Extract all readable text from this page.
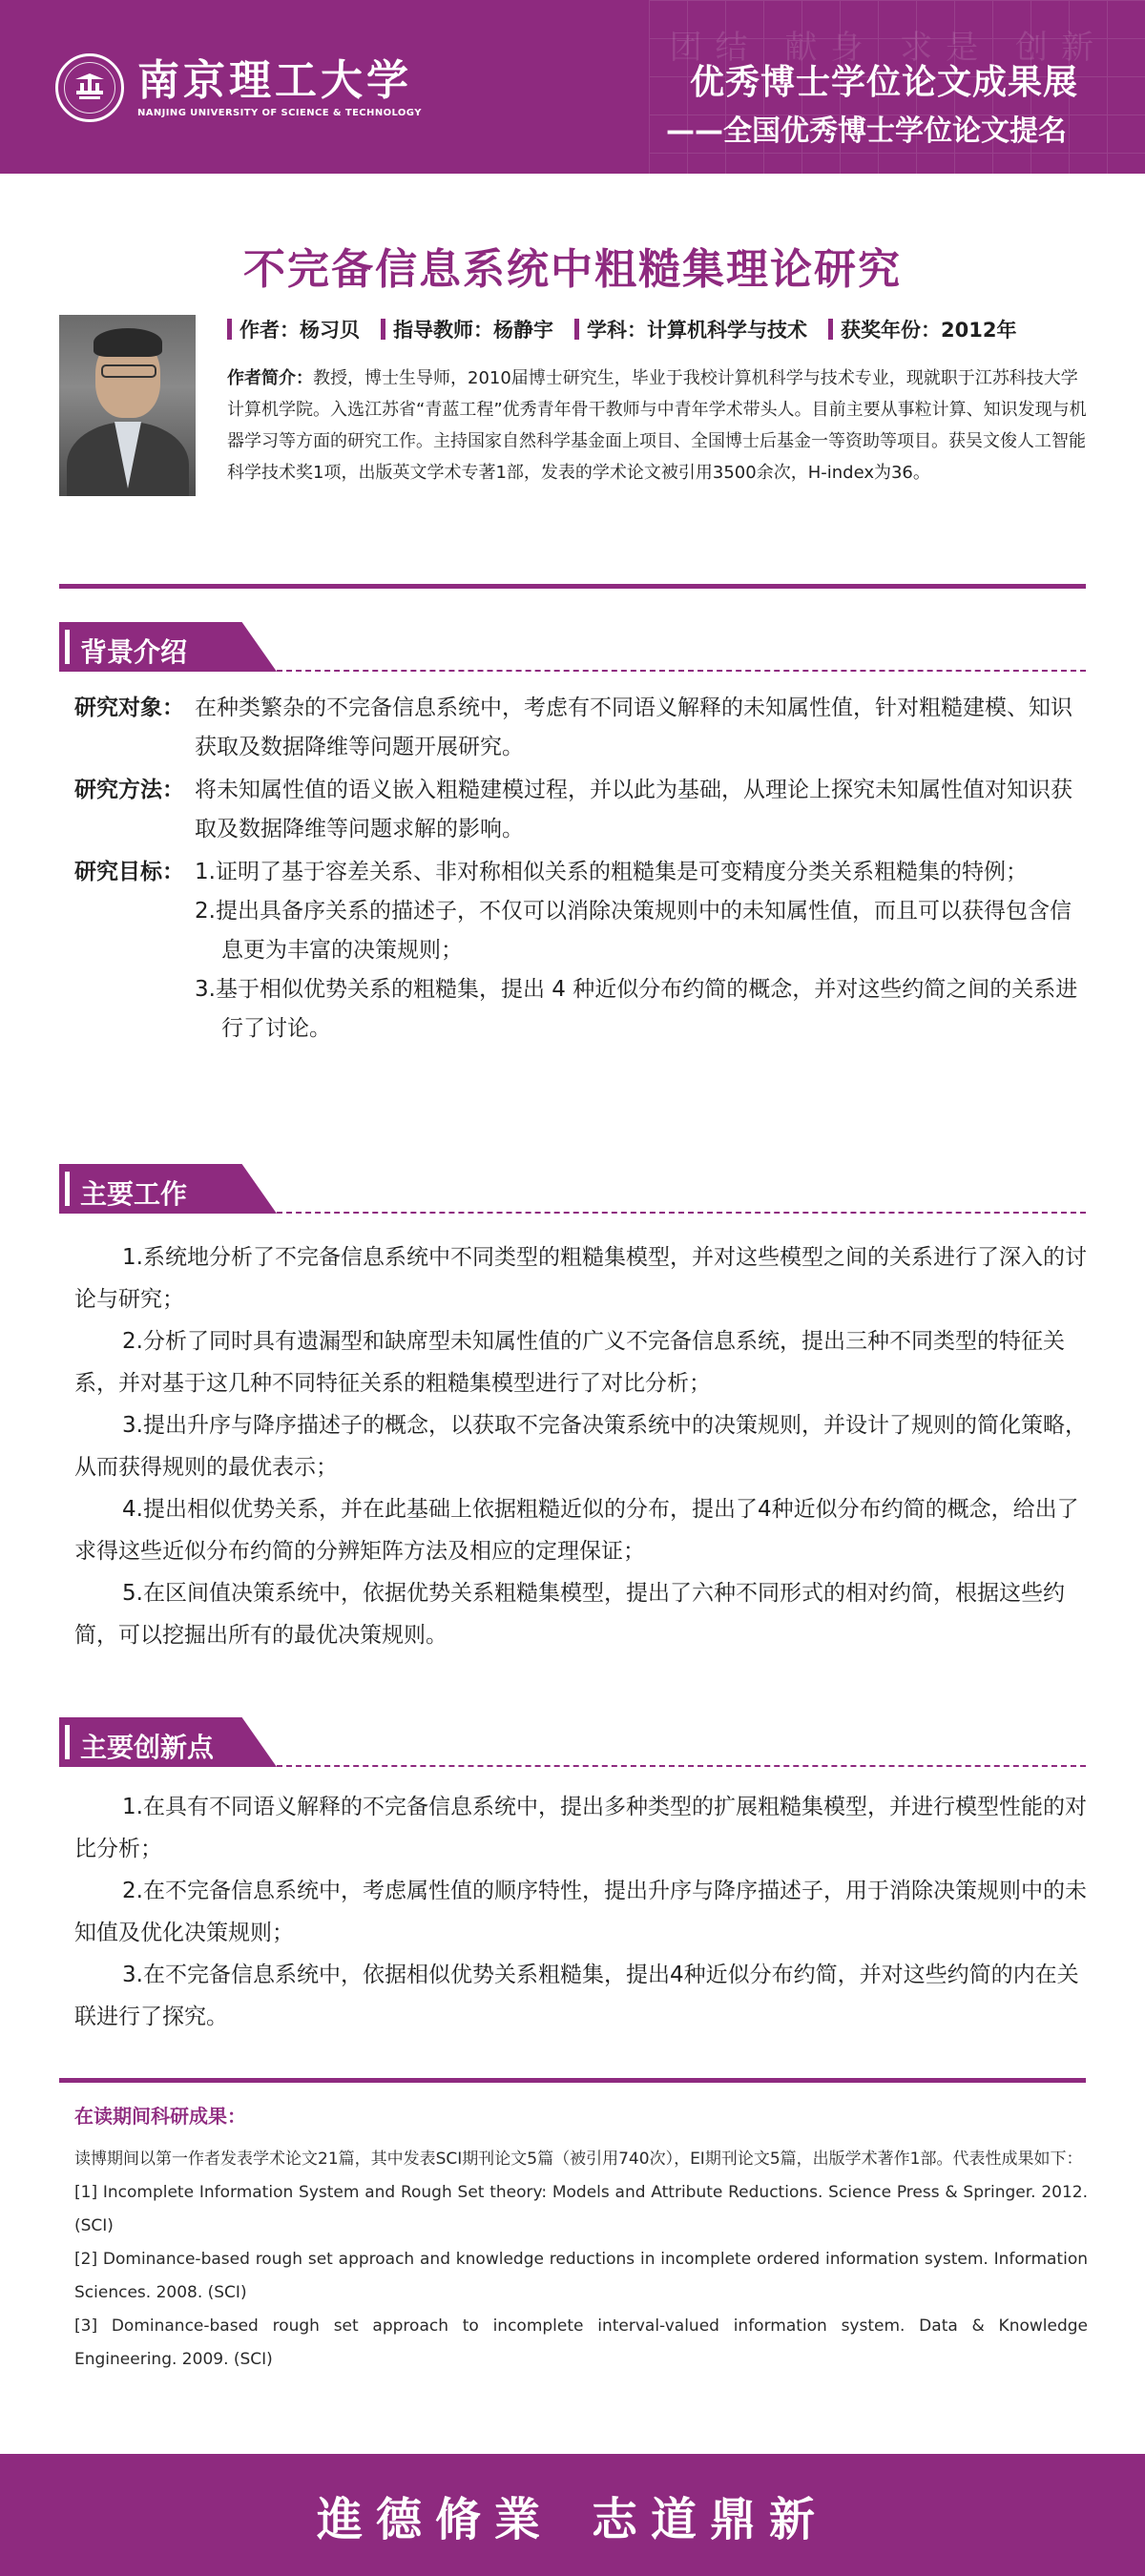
团结 献身 求是 创新
南京理工大学
NANJING UNIVERSITY OF SCIENCE & TECHNOLOGY
优秀博士学位论文成果展
——全国优秀博士学位论文提名
不完备信息系统中粗糙集理论研究
作者： 杨习贝 指导教师： 杨静宇 学科： 计算机科学与技术 获奖年份： 2012年
作者简介：教授，博士生导师，2010届博士研究生，毕业于我校计算机科学与技术专业，现就职于江苏科技大学计算机学院。入选江苏省“青蓝工程”优秀青年骨干教师与中青年学术带头人。目前主要从事粒计算、知识发现与机器学习等方面的研究工作。主持国家自然科学基金面上项目、全国博士后基金一等资助等项目。获吴文俊人工智能科学技术奖1项，出版英文学术专著1部，发表的学术论文被引用3500余次，H-index为36。
背景介绍
研究对象： 在种类繁杂的不完备信息系统中，考虑有不同语义解释的未知属性值，针对粗糙建模、知识获取及数据降维等问题开展研究。
研究方法： 将未知属性值的语义嵌入粗糙建模过程，并以此为基础，从理论上探究未知属性值对知识获取及数据降维等问题求解的影响。
研究目标： 1.证明了基于容差关系、非对称相似关系的粗糙集是可变精度分类关系粗糙集的特例；
2.提出具备序关系的描述子，不仅可以消除决策规则中的未知属性值，而且可以获得包含信息更为丰富的决策规则；
3.基于相似优势关系的粗糙集，提出 4 种近似分布约简的概念，并对这些约简之间的关系进行了讨论。
主要工作
1.系统地分析了不完备信息系统中不同类型的粗糙集模型，并对这些模型之间的关系进行了深入的讨论与研究；
2.分析了同时具有遗漏型和缺席型未知属性值的广义不完备信息系统，提出三种不同类型的特征关系，并对基于这几种不同特征关系的粗糙集模型进行了对比分析；
3.提出升序与降序描述子的概念，以获取不完备决策系统中的决策规则，并设计了规则的简化策略，从而获得规则的最优表示；
4.提出相似优势关系，并在此基础上依据粗糙近似的分布，提出了4种近似分布约简的概念，给出了求得这些近似分布约简的分辨矩阵方法及相应的定理保证；
5.在区间值决策系统中，依据优势关系粗糙集模型，提出了六种不同形式的相对约简，根据这些约简，可以挖掘出所有的最优决策规则。
主要创新点
1.在具有不同语义解释的不完备信息系统中，提出多种类型的扩展粗糙集模型，并进行模型性能的对比分析；
2.在不完备信息系统中，考虑属性值的顺序特性，提出升序与降序描述子，用于消除决策规则中的未知值及优化决策规则；
3.在不完备信息系统中，依据相似优势关系粗糙集，提出4种近似分布约简，并对这些约简的内在关联进行了探究。
在读期间科研成果：
读博期间以第一作者发表学术论文21篇，其中发表SCI期刊论文5篇（被引用740次），EI期刊论文5篇，出版学术著作1部。代表性成果如下：
[1] Incomplete Information System and Rough Set theory: Models and Attribute Reductions. Science Press & Springer. 2012. (SCI)
[2] Dominance-based rough set approach and knowledge reductions in incomplete ordered information system. Information Sciences. 2008. (SCI)
[3] Dominance-based rough set approach to incomplete interval-valued information system. Data & Knowledge Engineering. 2009. (SCI)
進德脩業 志道鼎新
